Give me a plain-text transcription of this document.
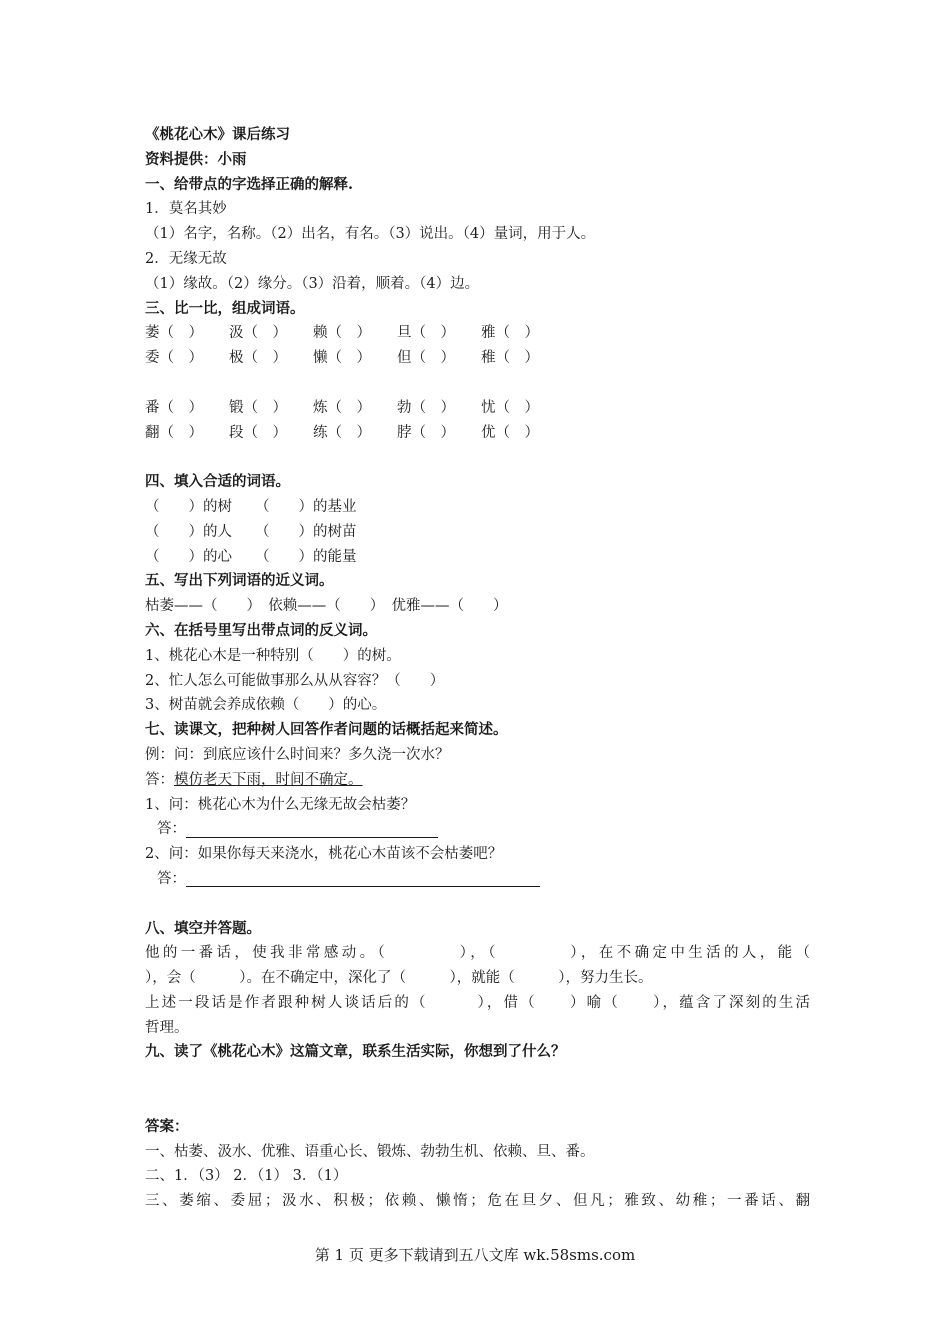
《桃花心木》课后练习
资料提供：小雨
一、给带点的字选择正确的解释.
1．莫名其妙
（1）名字，名称。（2）出名，有名。（3）说出。（4）量词，用于人。
2．无缘无故
（1）缘故。（2）缘分。（3）沿着，顺着。（4）边。
三、比一比，组成词语。
萎（　）	汲（　）	赖（　）	旦（　）	雅（　）
委（　）	极（　）	懒（　）	但（　）	稚（　）
番（　）	锻（　）	炼（　）	勃（　）	忧（　）
翻（　）	段（　）	练（　）	脖（　）	优（　）
四、填入合适的词语。
（　　）的树	（　　）的基业
（　　）的人	（　　）的树苗
（　　）的心	（　　）的能量
五、写出下列词语的近义词。
枯萎——（　　）　依赖——（　　）　优雅——（　　）
六、在括号里写出带点词的反义词。
1、桃花心木是一种特别（　　）的树。
2、忙人怎么可能做事那么从从容容？（　　）
3、树苗就会养成依赖（　　）的心。
七、读课文，把种树人回答作者问题的话概括起来简述。
例：问：到底应该什么时间来？多久浇一次水？
答：模仿老天下雨，时间不确定。
1、问：桃花心木为什么无缘无故会枯萎？
答：
2、问：如果你每天来浇水，桃花心木苗该不会枯萎吧？
答：
八、填空并答题。
他的一番话，使我非常感动。（　　　　），（　　　　），在不确定中生活的人，能（
），会（　　　）。在不确定中，深化了（　　　），就能（　　　），努力生长。
上述一段话是作者跟种树人谈话后的（　　　），借（　　）喻（　　），蕴含了深刻的生活
哲理。
九、读了《桃花心木》这篇文章，联系生活实际，你想到了什么？
答案：
一、枯萎、汲水、优雅、语重心长、锻炼、勃勃生机、依赖、旦、番。
二、1．（3） 2．（1） 3．（1）
三、萎缩、委屈；汲水、积极；依赖、懒惰；危在旦夕、但凡；雅致、幼稚；一番话、翻
第 1 页 更多下载请到五八文库 wk.58sms.com
